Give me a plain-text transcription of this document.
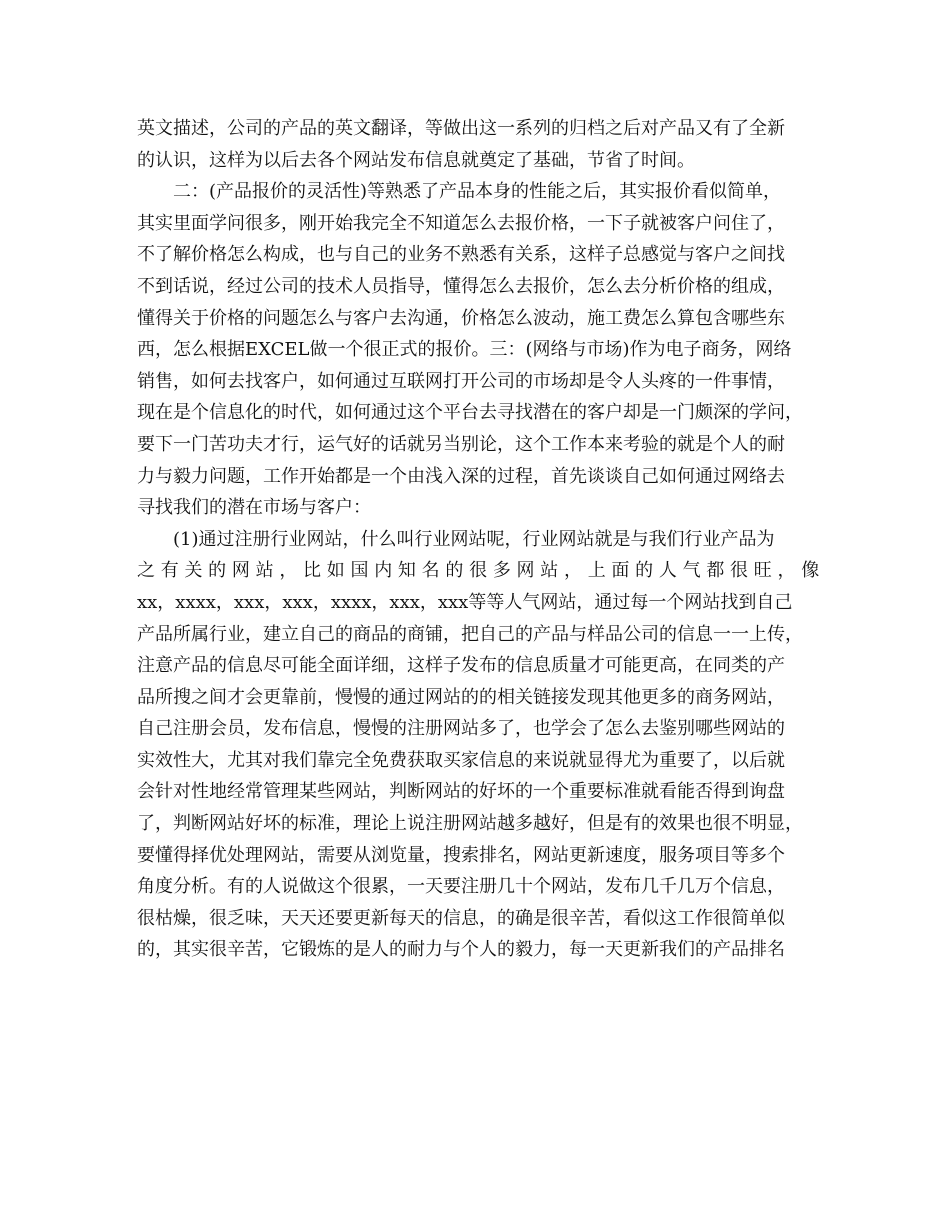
英文描述，公司的产品的英文翻译，等做出这一系列的归档之后对产品又有了全新
的认识，这样为以后去各个网站发布信息就奠定了基础，节省了时间。
二：(产品报价的灵活性)等熟悉了产品本身的性能之后，其实报价看似简单，
其实里面学问很多，刚开始我完全不知道怎么去报价格，一下子就被客户问住了，
不了解价格怎么构成，也与自己的业务不熟悉有关系，这样子总感觉与客户之间找
不到话说，经过公司的技术人员指导，懂得怎么去报价，怎么去分析价格的组成，
懂得关于价格的问题怎么与客户去沟通，价格怎么波动，施工费怎么算包含哪些东
西，怎么根据EXCEL做一个很正式的报价。三：(网络与市场)作为电子商务，网络
销售，如何去找客户，如何通过互联网打开公司的市场却是令人头疼的一件事情，
现在是个信息化的时代，如何通过这个平台去寻找潜在的客户却是一门颇深的学问，
要下一门苦功夫才行，运气好的话就另当别论，这个工作本来考验的就是个人的耐
力与毅力问题，工作开始都是一个由浅入深的过程，首先谈谈自己如何通过网络去
寻找我们的潜在市场与客户：
(1)通过注册行业网站，什么叫行业网站呢，行业网站就是与我们行业产品为
之 有 关 的 网 站 ， 比 如 国 内 知 名 的 很 多 网 站 ， 上 面 的 人 气 都 很 旺 ， 像
xx，xxxx，xxx，xxx，xxxx，xxx，xxx等等人气网站，通过每一个网站找到自己
产品所属行业，建立自己的商品的商铺，把自己的产品与样品公司的信息一一上传，
注意产品的信息尽可能全面详细，这样子发布的信息质量才可能更高，在同类的产
品所搜之间才会更靠前，慢慢的通过网站的的相关链接发现其他更多的商务网站，
自己注册会员，发布信息，慢慢的注册网站多了，也学会了怎么去鉴别哪些网站的
实效性大，尤其对我们靠完全免费获取买家信息的来说就显得尤为重要了，以后就
会针对性地经常管理某些网站，判断网站的好坏的一个重要标准就看能否得到询盘
了，判断网站好坏的标准，理论上说注册网站越多越好，但是有的效果也很不明显，
要懂得择优处理网站，需要从浏览量，搜索排名，网站更新速度，服务项目等多个
角度分析。有的人说做这个很累，一天要注册几十个网站，发布几千几万个信息，
很枯燥，很乏味，天天还要更新每天的信息，的确是很辛苦，看似这工作很简单似
的，其实很辛苦，它锻炼的是人的耐力与个人的毅力，每一天更新我们的产品排名
